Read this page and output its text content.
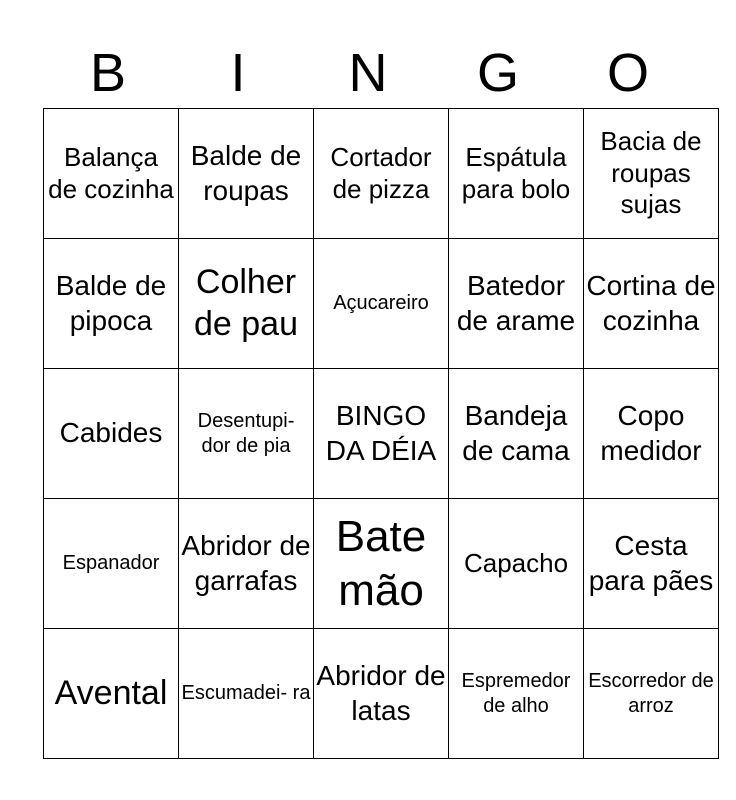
B	I	N	G	O
Balança de cozinha	Balde de roupas	Cortador de pizza	Espátula para bolo	Bacia de roupas sujas
Balde de pipoca	Colher de pau	Açucareiro	Batedor de arame	Cortina de cozinha
Cabides	Desentupi- dor de pia	BINGO DA DÉIA	Bandeja de cama	Copo medidor
Espanador	Abridor de garrafas	Bate mão	Capacho	Cesta para pães
Avental	Escumadei- ra	Abridor de latas	Espremedor de alho	Escorredor de arroz
